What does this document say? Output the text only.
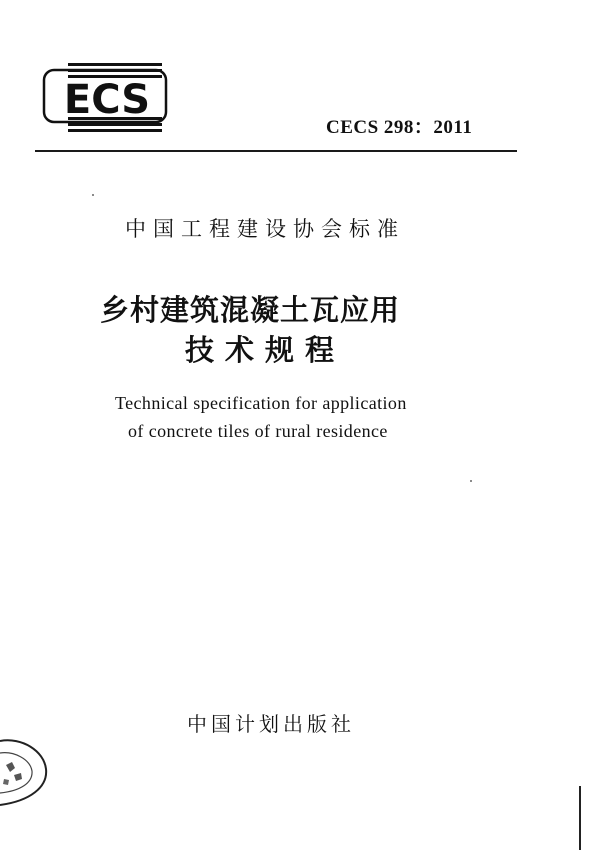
ECS
CECS 298：2011
中国工程建设协会标准
乡村建筑混凝土瓦应用
技术规程
Technical specification for application
of concrete tiles of rural residence
中国计划出版社
